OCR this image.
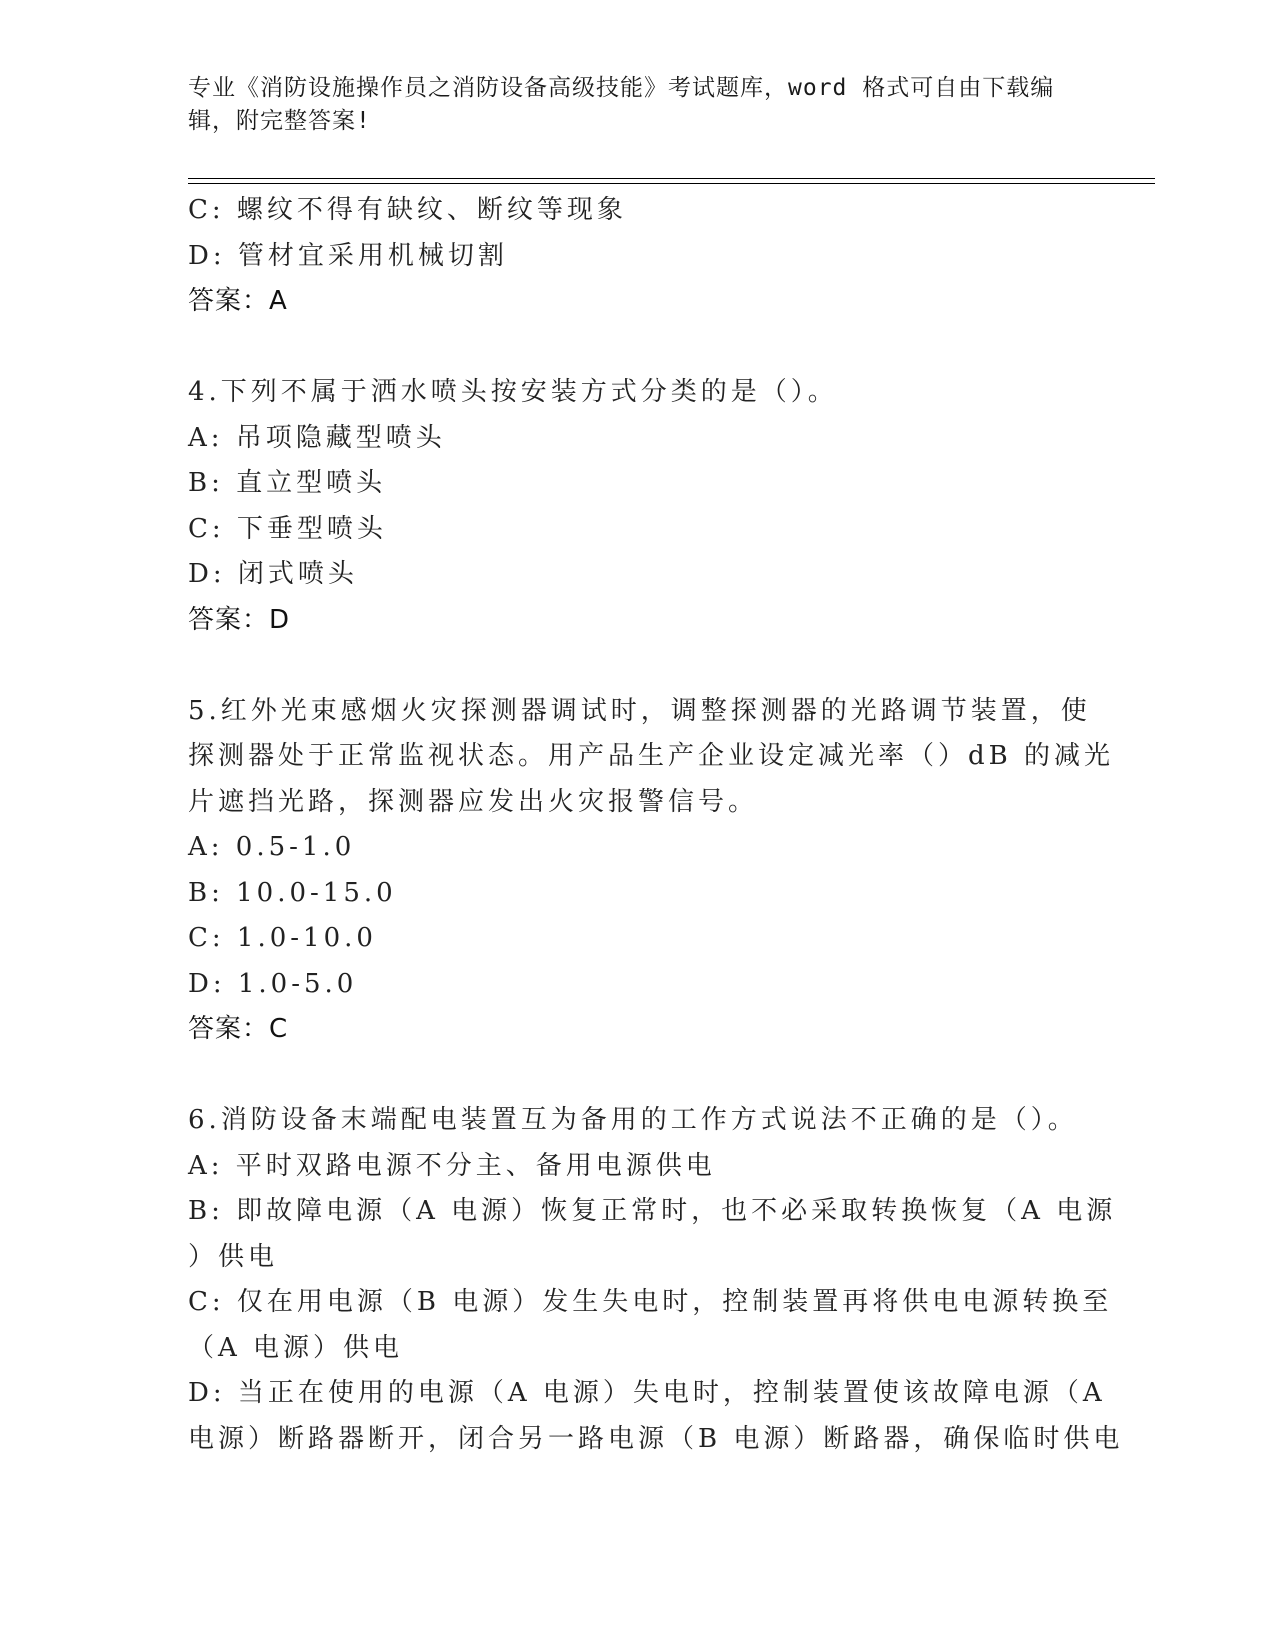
专业《消防设施操作员之消防设备高级技能》考试题库，word 格式可自由下载编
辑，附完整答案!
C: 螺纹不得有缺纹、断纹等现象
D: 管材宜采用机械切割
答案：A
4.下列不属于洒水喷头按安装方式分类的是（）。
A: 吊项隐藏型喷头
B: 直立型喷头
C: 下垂型喷头
D: 闭式喷头
答案：D
5.红外光束感烟火灾探测器调试时，调整探测器的光路调节装置，使
探测器处于正常监视状态。用产品生产企业设定减光率（）dB 的减光
片遮挡光路，探测器应发出火灾报警信号。
A: 0.5-1.0
B: 10.0-15.0
C: 1.0-10.0
D: 1.0-5.0
答案：C
6.消防设备末端配电装置互为备用的工作方式说法不正确的是（）。
A: 平时双路电源不分主、备用电源供电
B: 即故障电源（A 电源）恢复正常时，也不必采取转换恢复（A 电源
）供电
C: 仅在用电源（B 电源）发生失电时，控制装置再将供电电源转换至
（A 电源）供电
D: 当正在使用的电源（A 电源）失电时，控制装置使该故障电源（A
电源）断路器断开，闭合另一路电源（B 电源）断路器，确保临时供电
